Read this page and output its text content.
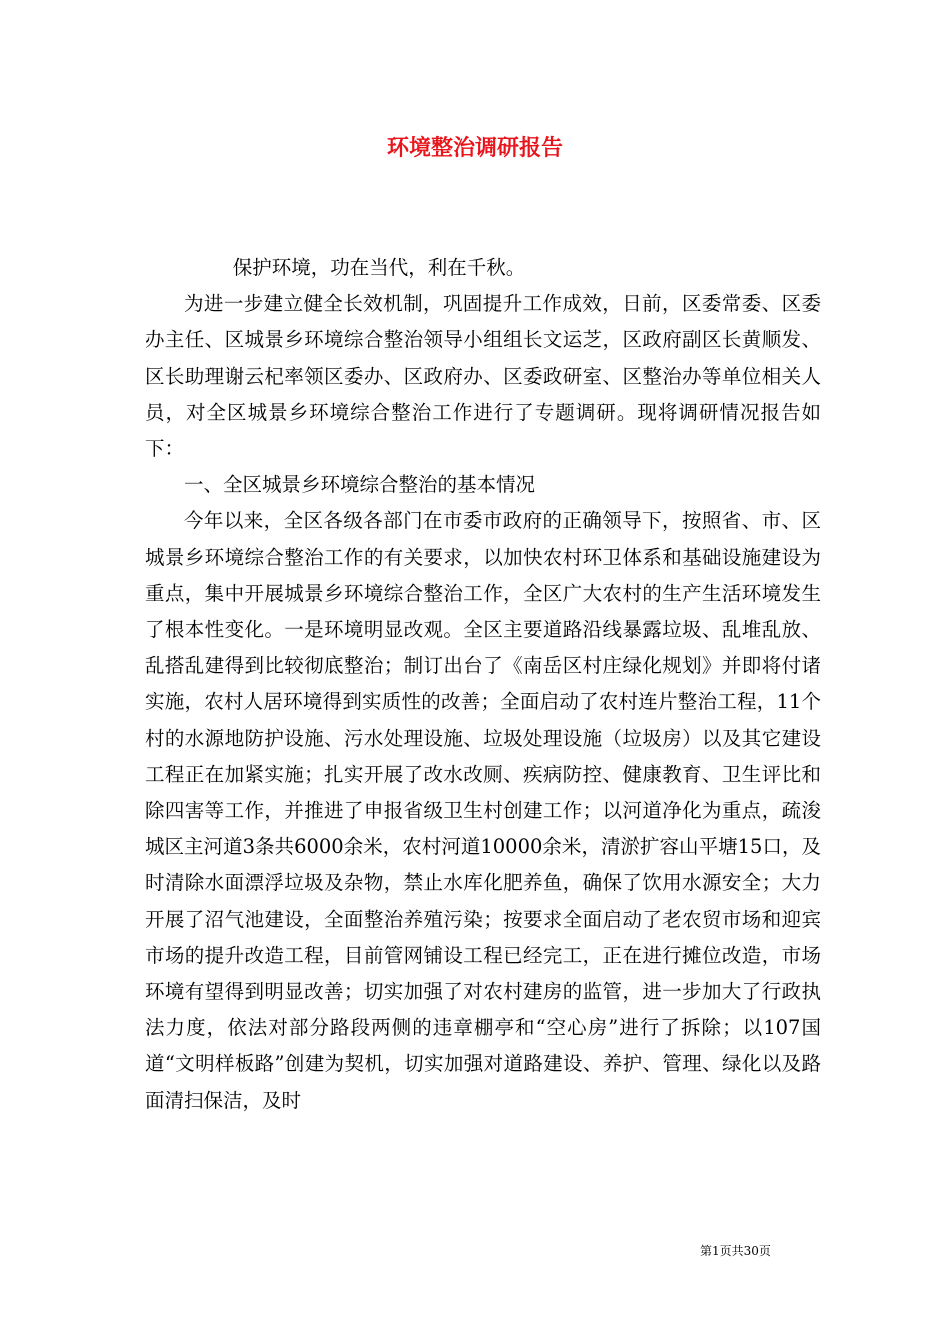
环境整治调研报告

保护环境，功在当代，利在千秋。

为进一步建立健全长效机制，巩固提升工作成效，日前，区委常委、区委办主任、区城景乡环境综合整治领导小组组长文运芝，区政府副区长黄顺发、区长助理谢云杞率领区委办、区政府办、区委政研室、区整治办等单位相关人员，对全区城景乡环境综合整治工作进行了专题调研。现将调研情况报告如下：

一、全区城景乡环境综合整治的基本情况

今年以来，全区各级各部门在市委市政府的正确领导下，按照省、市、区城景乡环境综合整治工作的有关要求，以加快农村环卫体系和基础设施建设为重点，集中开展城景乡环境综合整治工作，全区广大农村的生产生活环境发生了根本性变化。一是环境明显改观。全区主要道路沿线暴露垃圾、乱堆乱放、乱搭乱建得到比较彻底整治；制订出台了《南岳区村庄绿化规划》并即将付诸实施，农村人居环境得到实质性的改善；全面启动了农村连片整治工程，11个村的水源地防护设施、污水处理设施、垃圾处理设施（垃圾房）以及其它建设工程正在加紧实施；扎实开展了改水改厕、疾病防控、健康教育、卫生评比和除四害等工作，并推进了申报省级卫生村创建工作；以河道净化为重点，疏浚城区主河道3条共6000余米，农村河道10000余米，清淤扩容山平塘15口，及时清除水面漂浮垃圾及杂物，禁止水库化肥养鱼，确保了饮用水源安全；大力开展了沼气池建设，全面整治养殖污染；按要求全面启动了老农贸市场和迎宾市场的提升改造工程，目前管网铺设工程已经完工，正在进行摊位改造，市场环境有望得到明显改善；切实加强了对农村建房的监管，进一步加大了行政执法力度，依法对部分路段两侧的违章棚亭和“空心房”进行了拆除；以107国道“文明样板路”创建为契机，切实加强对道路建设、养护、管理、绿化以及路面清扫保洁，及时

第1页共30页
